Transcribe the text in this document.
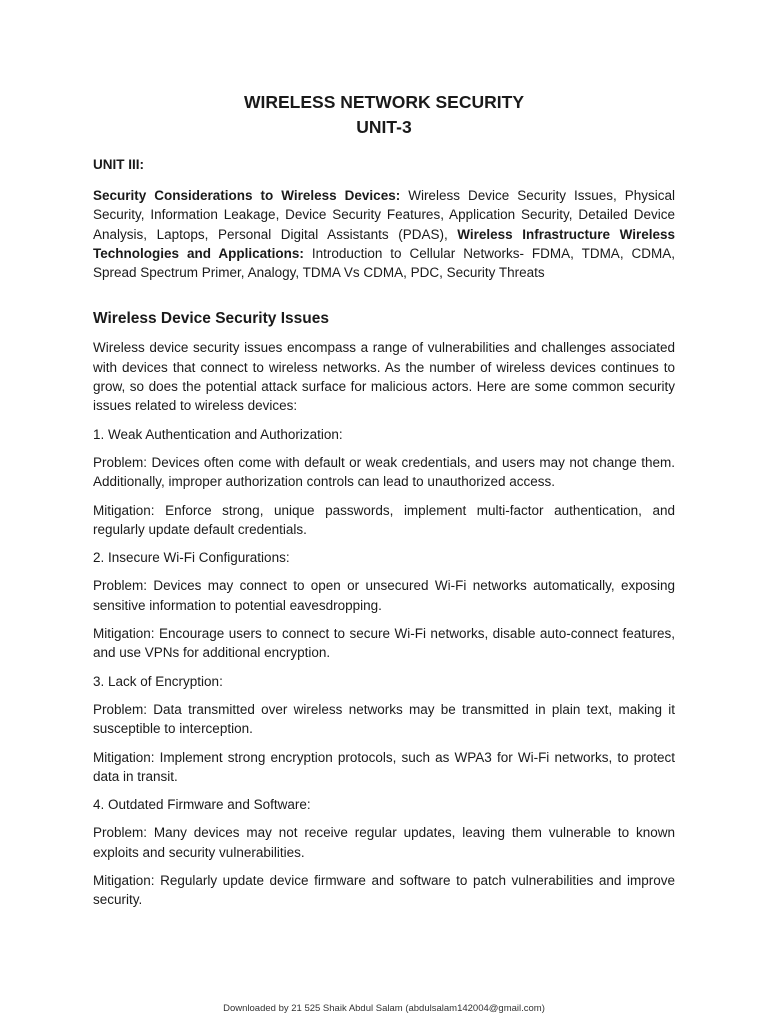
WIRELESS NETWORK SECURITY
UNIT-3
UNIT III:

Security Considerations to Wireless Devices: Wireless Device Security Issues, Physical Security, Information Leakage, Device Security Features, Application Security, Detailed Device Analysis, Laptops, Personal Digital Assistants (PDAS), Wireless Infrastructure Wireless Technologies and Applications: Introduction to Cellular Networks- FDMA, TDMA, CDMA, Spread Spectrum Primer, Analogy, TDMA Vs CDMA, PDC, Security Threats

Wireless Device Security Issues

Wireless device security issues encompass a range of vulnerabilities and challenges associated with devices that connect to wireless networks. As the number of wireless devices continues to grow, so does the potential attack surface for malicious actors. Here are some common security issues related to wireless devices:

1. Weak Authentication and Authorization:

Problem: Devices often come with default or weak credentials, and users may not change them. Additionally, improper authorization controls can lead to unauthorized access.

Mitigation: Enforce strong, unique passwords, implement multi-factor authentication, and regularly update default credentials.

2. Insecure Wi-Fi Configurations:

Problem: Devices may connect to open or unsecured Wi-Fi networks automatically, exposing sensitive information to potential eavesdropping.

Mitigation: Encourage users to connect to secure Wi-Fi networks, disable auto-connect features, and use VPNs for additional encryption.

3. Lack of Encryption:

Problem: Data transmitted over wireless networks may be transmitted in plain text, making it susceptible to interception.

Mitigation: Implement strong encryption protocols, such as WPA3 for Wi-Fi networks, to protect data in transit.

4. Outdated Firmware and Software:

Problem: Many devices may not receive regular updates, leaving them vulnerable to known exploits and security vulnerabilities.

Mitigation: Regularly update device firmware and software to patch vulnerabilities and improve security.

Downloaded by 21 525 Shaik Abdul Salam (abdulsalam142004@gmail.com)
